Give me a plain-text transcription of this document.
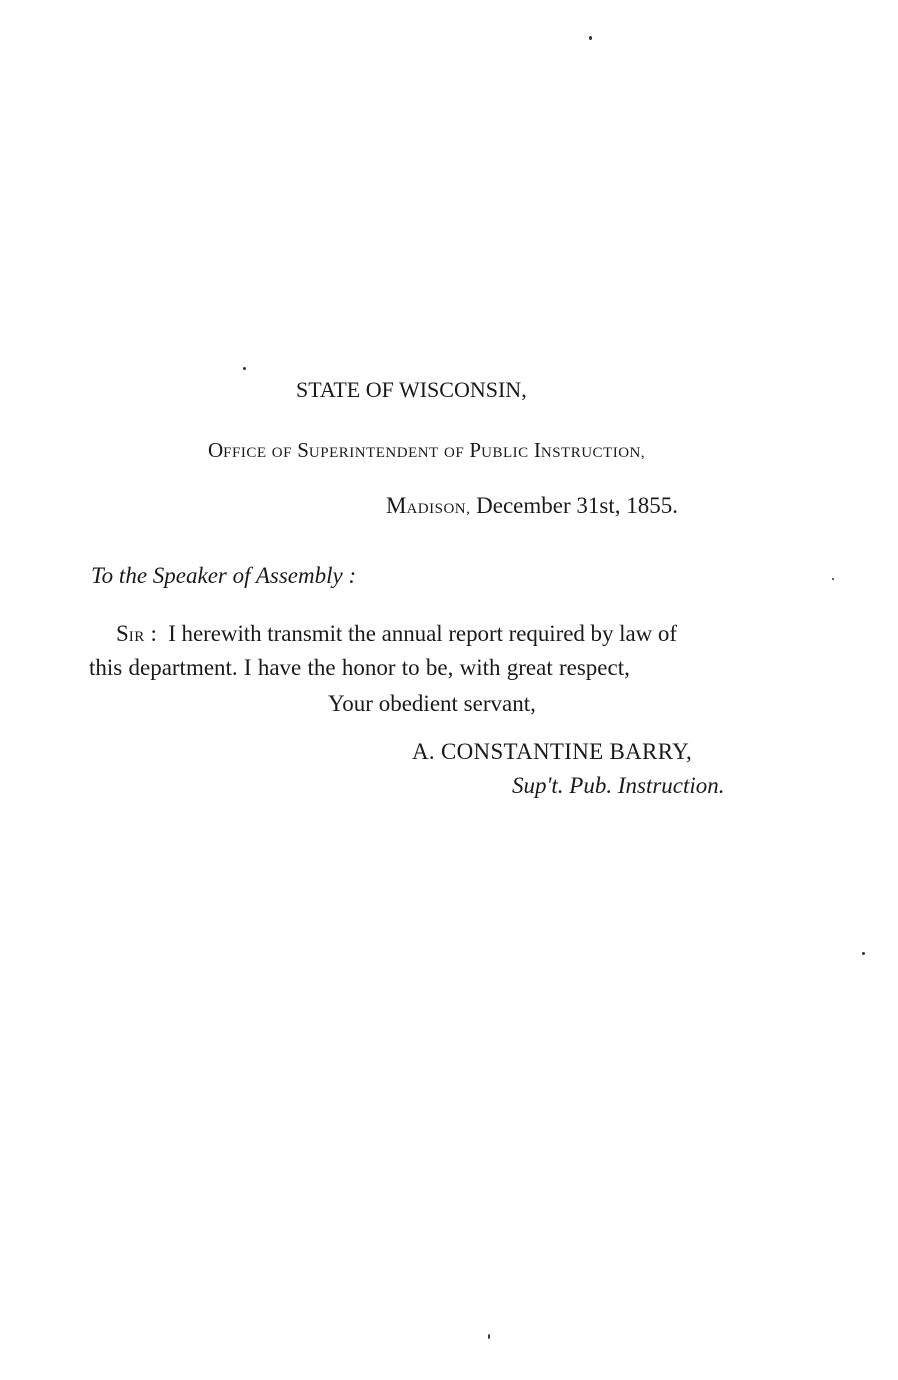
STATE OF WISCONSIN,
OFFICE OF SUPERINTENDENT OF PUBLIC INSTRUCTION,
MADISON, December 31st, 1855.
To the Speaker of Assembly :
SIR : I herewith transmit the annual report required by law of
this department. I have the honor to be, with great respect,
Your obedient servant,
A. CONSTANTINE BARRY,
Sup't. Pub. Instruction.
